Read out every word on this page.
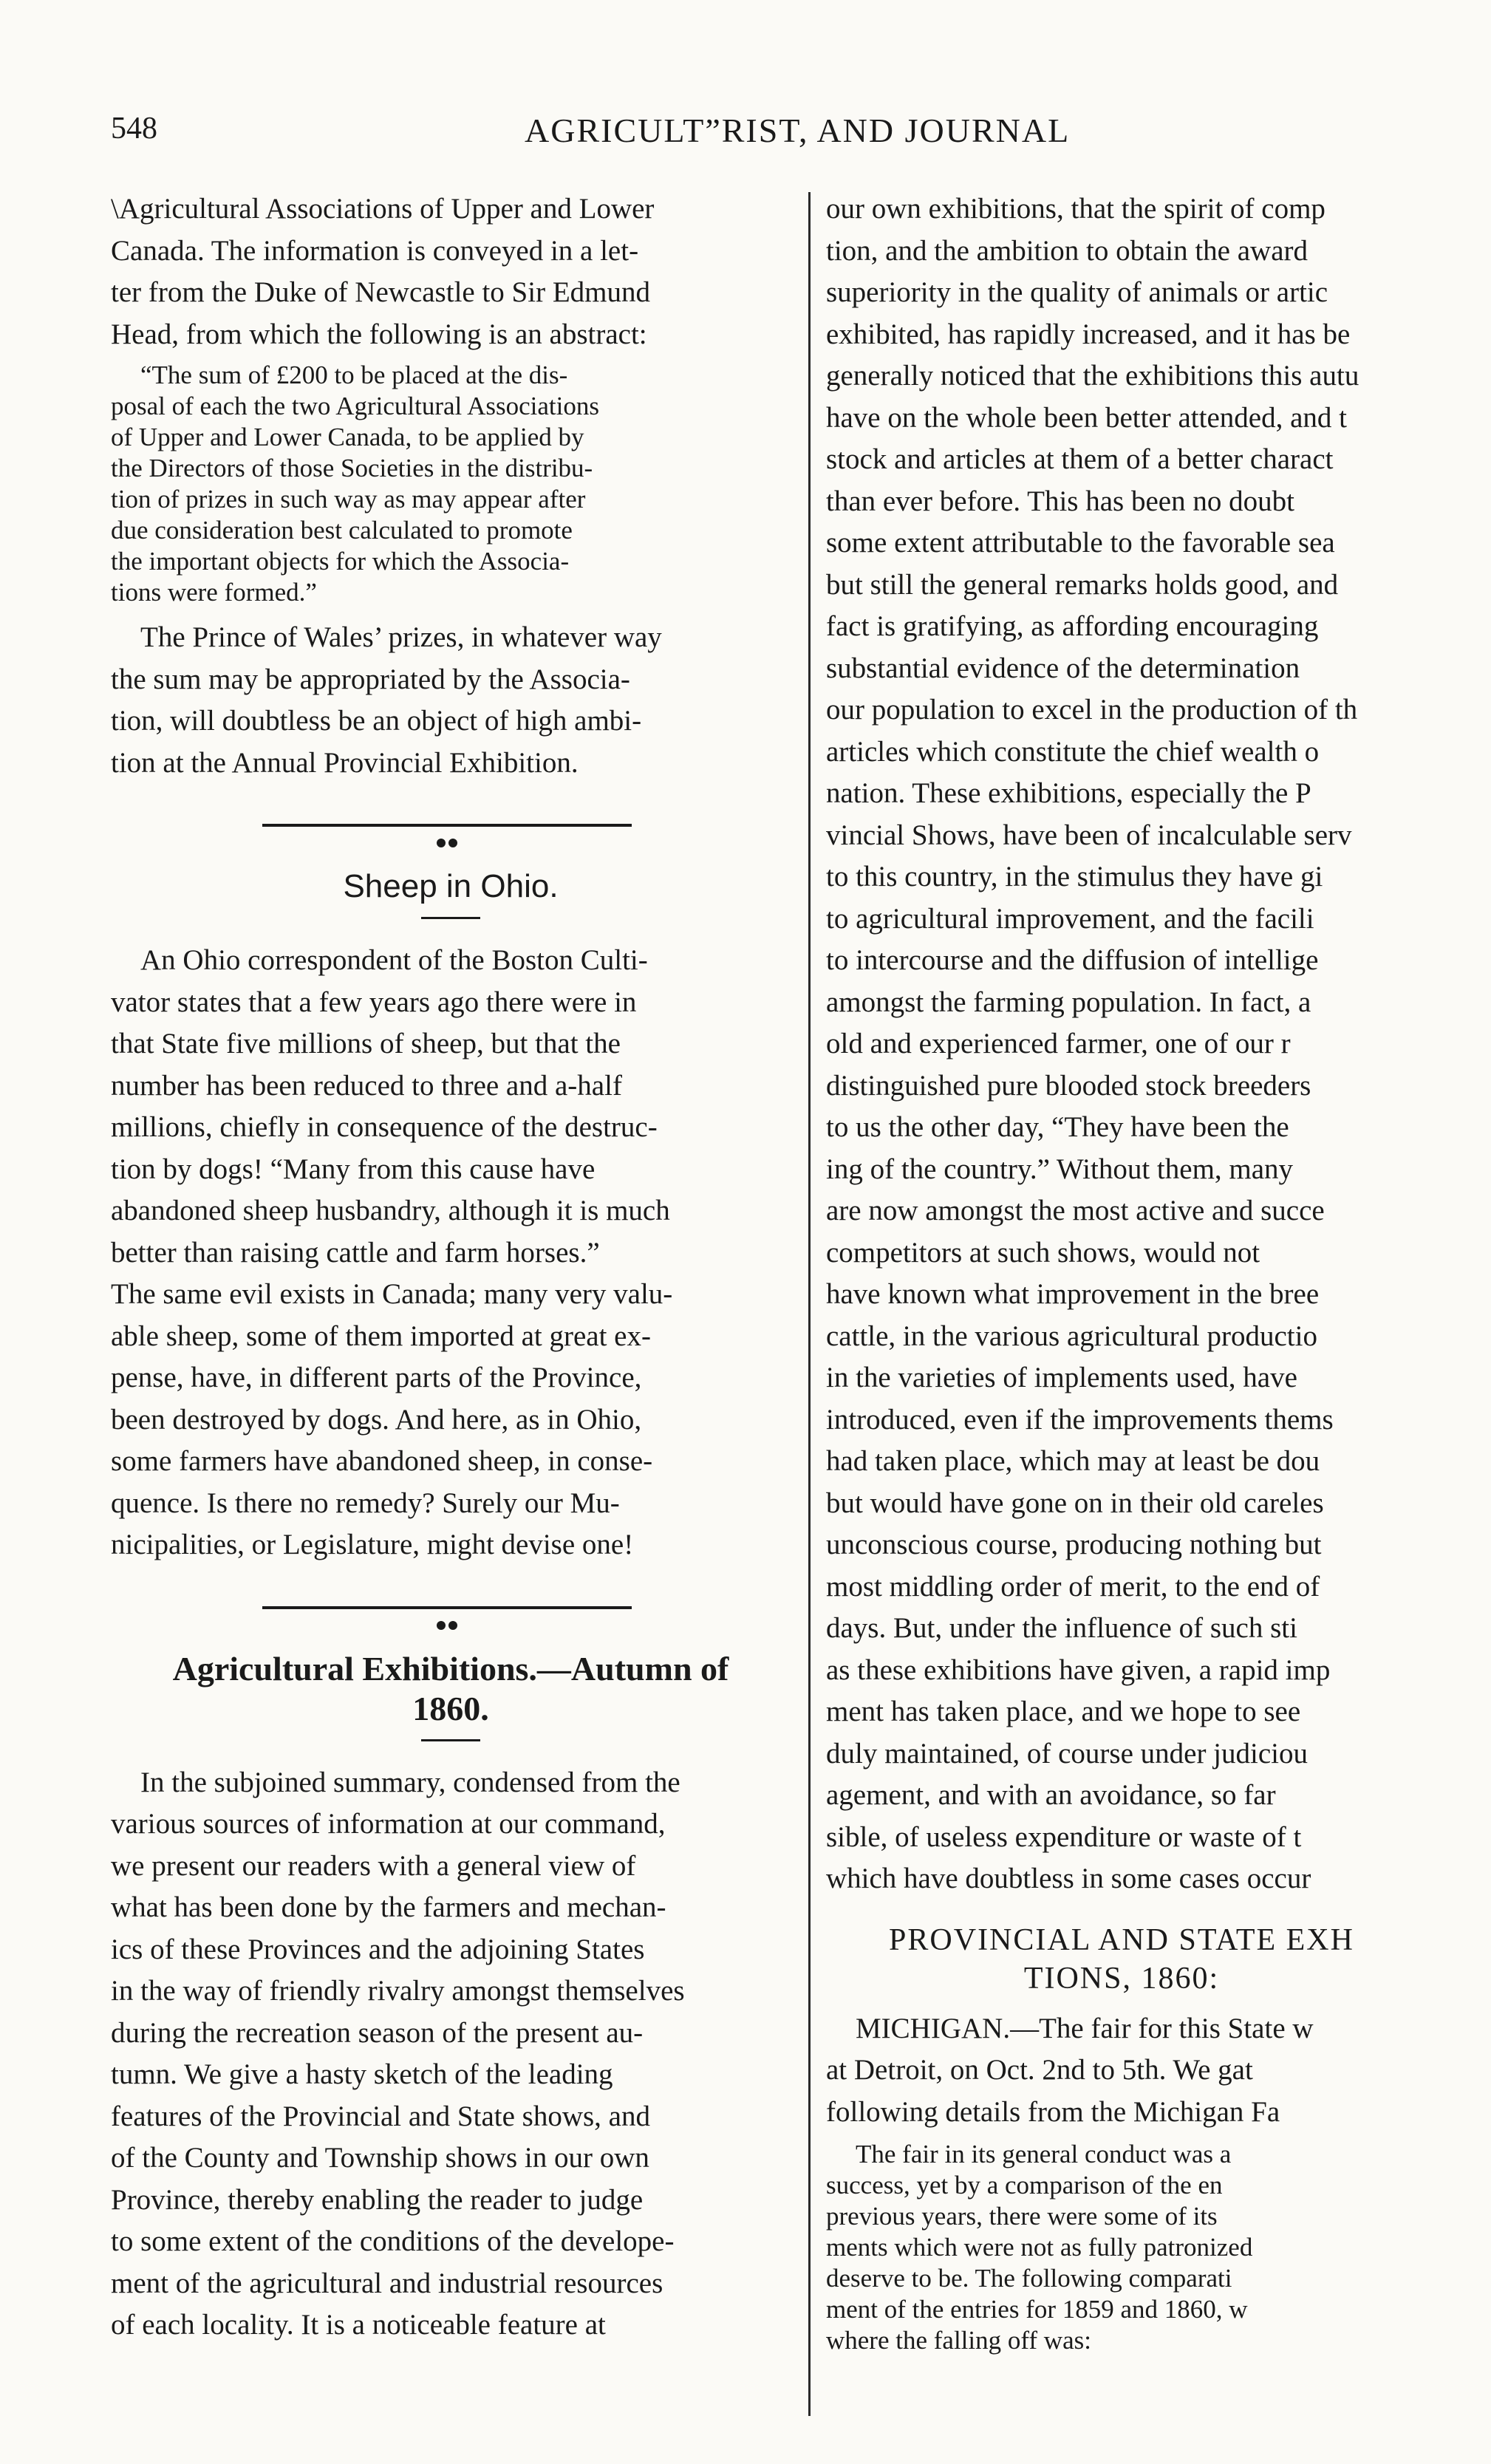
548	AGRICULT”RIST, AND JOURNAL

\Agricultural Associations of Upper and Lower

Canada. The information is conveyed in a let-

ter from the Duke of Newcastle to Sir Edmund

Head, from which the following is an abstract:

“The sum of £200 to be placed at the dis-

posal of each the two Agricultural Associations

of Upper and Lower Canada, to be applied by

the Directors of those Societies in the distribu-

tion of prizes in such way as may appear after

due consideration best calculated to promote

the important objects for which the Associa-

tions were formed.”

The Prince of Wales’ prizes, in whatever way

the sum may be appropriated by the Associa-

tion, will doubtless be an object of high ambi-

tion at the Annual Provincial Exhibition.

Sheep in Ohio.

An Ohio correspondent of the Boston Culti-

vator states that a few years ago there were in

that State five millions of sheep, but that the

number has been reduced to three and a-half

millions, chiefly in consequence of the destruc-

tion by dogs! “Many from this cause have

abandoned sheep husbandry, although it is much

better than raising cattle and farm horses.”

The same evil exists in Canada; many very valu-

able sheep, some of them imported at great ex-

pense, have, in different parts of the Province,

been destroyed by dogs. And here, as in Ohio,

some farmers have abandoned sheep, in conse-

quence. Is there no remedy? Surely our Mu-

nicipalities, or Legislature, might devise one!

Agricultural Exhibitions.—Autumn of
1860.

In the subjoined summary, condensed from the

various sources of information at our command,

we present our readers with a general view of

what has been done by the farmers and mechan-

ics of these Provinces and the adjoining States

in the way of friendly rivalry amongst themselves

during the recreation season of the present au-

tumn. We give a hasty sketch of the leading

features of the Provincial and State shows, and

of the County and Township shows in our own

Province, thereby enabling the reader to judge

to some extent of the conditions of the develope-

ment of the agricultural and industrial resources

of each locality. It is a noticeable feature at

our own exhibitions, that the spirit of comp

tion, and the ambition to obtain the award

superiority in the quality of animals or artic

exhibited, has rapidly increased, and it has be

generally noticed that the exhibitions this autu

have on the whole been better attended, and t

stock and articles at them of a better charact

than ever before. This has been no doubt

some extent attributable to the favorable sea

but still the general remarks holds good, and

fact is gratifying, as affording encouraging

substantial evidence of the determination

our population to excel in the production of th

articles which constitute the chief wealth o

nation. These exhibitions, especially the P

vincial Shows, have been of incalculable serv

to this country, in the stimulus they have gi

to agricultural improvement, and the facili

to intercourse and the diffusion of intellige

amongst the farming population. In fact, a

old and experienced farmer, one of our r

distinguished pure blooded stock breeders

to us the other day, “They have been the

ing of the country.” Without them, many

are now amongst the most active and succe

competitors at such shows, would not

have known what improvement in the bree

cattle, in the various agricultural productio

in the varieties of implements used, have

introduced, even if the improvements thems

had taken place, which may at least be dou

but would have gone on in their old careles

unconscious course, producing nothing but

most middling order of merit, to the end of

days. But, under the influence of such sti

as these exhibitions have given, a rapid imp

ment has taken place, and we hope to see

duly maintained, of course under judiciou

agement, and with an avoidance, so far

sible, of useless expenditure or waste of t

which have doubtless in some cases occur

PROVINCIAL AND STATE EXH
TIONS, 1860:

MICHIGAN.—The fair for this State w

at Detroit, on Oct. 2nd to 5th. We gat

following details from the Michigan Fa

The fair in its general conduct was a

success, yet by a comparison of the en

previous years, there were some of its

ments which were not as fully patronized

deserve to be. The following comparati

ment of the entries for 1859 and 1860, w

where the falling off was:
